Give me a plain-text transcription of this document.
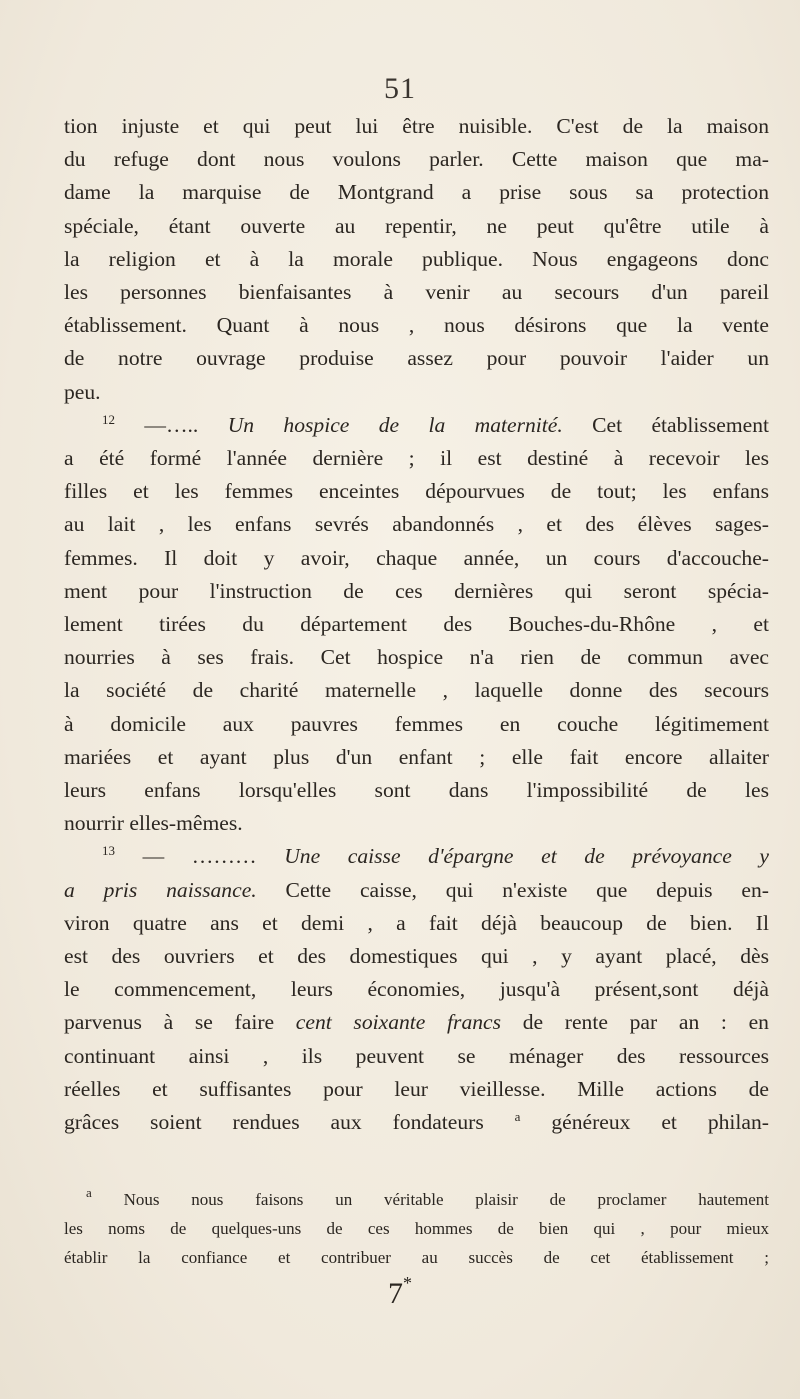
51
tion injuste et qui peut lui être nuisible. C'est de la maison
du refuge dont nous voulons parler. Cette maison que ma-
dame la marquise de Montgrand a prise sous sa protection
spéciale, étant ouverte au repentir, ne peut qu'être utile à
la religion et à la morale publique. Nous engageons donc
les personnes bienfaisantes à venir au secours d'un pareil
établissement. Quant à nous , nous désirons que la vente
de notre ouvrage produise assez pour pouvoir l'aider un
peu.
$^{12}$ —….. Un hospice de la maternité. Cet établissement
a été formé l'année dernière ; il est destiné à recevoir les
filles et les femmes enceintes dépourvues de tout; les enfans
au lait , les enfans sevrés abandonnés , et des élèves sages-
femmes. Il doit y avoir, chaque année, un cours d'accouche-
ment pour l'instruction de ces dernières qui seront spécia-
lement tirées du département des Bouches-du-Rhône , et
nourries à ses frais. Cet hospice n'a rien de commun avec
la société de charité maternelle , laquelle donne des secours
à domicile aux pauvres femmes en couche légitimement
mariées et ayant plus d'un enfant ; elle fait encore allaiter
leurs enfans lorsqu'elles sont dans l'impossibilité de les
nourrir elles-mêmes.
$^{13}$ — ……… Une caisse d'épargne et de prévoyance y
a pris naissance. Cette caisse, qui n'existe que depuis en-
viron quatre ans et demi , a fait déjà beaucoup de bien. Il
est des ouvriers et des domestiques qui , y ayant placé, dès
le commencement, leurs économies, jusqu'à présent,sont déjà
parvenus à se faire cent soixante francs de rente par an : en
continuant ainsi , ils peuvent se ménager des ressources
réelles et suffisantes pour leur vieillesse. Mille actions de
grâces soient rendues aux fondateurs $^a$ généreux et philan-
$^a$ Nous nous faisons un véritable plaisir de proclamer hautement
les noms de quelques-uns de ces hommes de bien qui , pour mieux
établir la confiance et contribuer au succès de cet établissement ;
7*
